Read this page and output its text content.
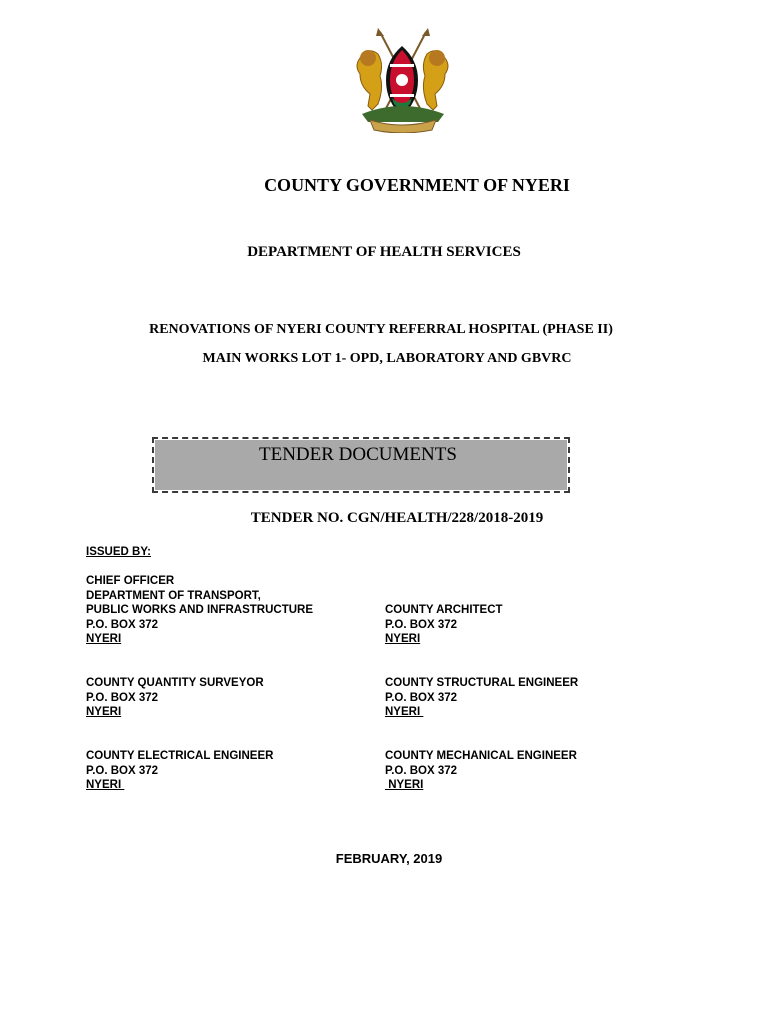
COUNTY GOVERNMENT OF NYERI
DEPARTMENT OF HEALTH SERVICES
RENOVATIONS OF NYERI COUNTY REFERRAL HOSPITAL (PHASE II)
MAIN WORKS LOT 1- OPD, LABORATORY AND GBVRC
TENDER DOCUMENTS
TENDER NO. CGN/HEALTH/228/2018-2019
ISSUED BY:
CHIEF OFFICER
DEPARTMENT OF TRANSPORT,
PUBLIC WORKS AND INFRASTRUCTURE
P.O. BOX 372
NYERI
COUNTY ARCHITECT
P.O. BOX 372
NYERI
COUNTY QUANTITY SURVEYOR
P.O. BOX 372
NYERI
COUNTY STRUCTURAL ENGINEER
P.O. BOX 372
NYERI
COUNTY ELECTRICAL ENGINEER
P.O. BOX 372
NYERI
COUNTY MECHANICAL ENGINEER
P.O. BOX 372
NYERI
FEBRUARY, 2019
